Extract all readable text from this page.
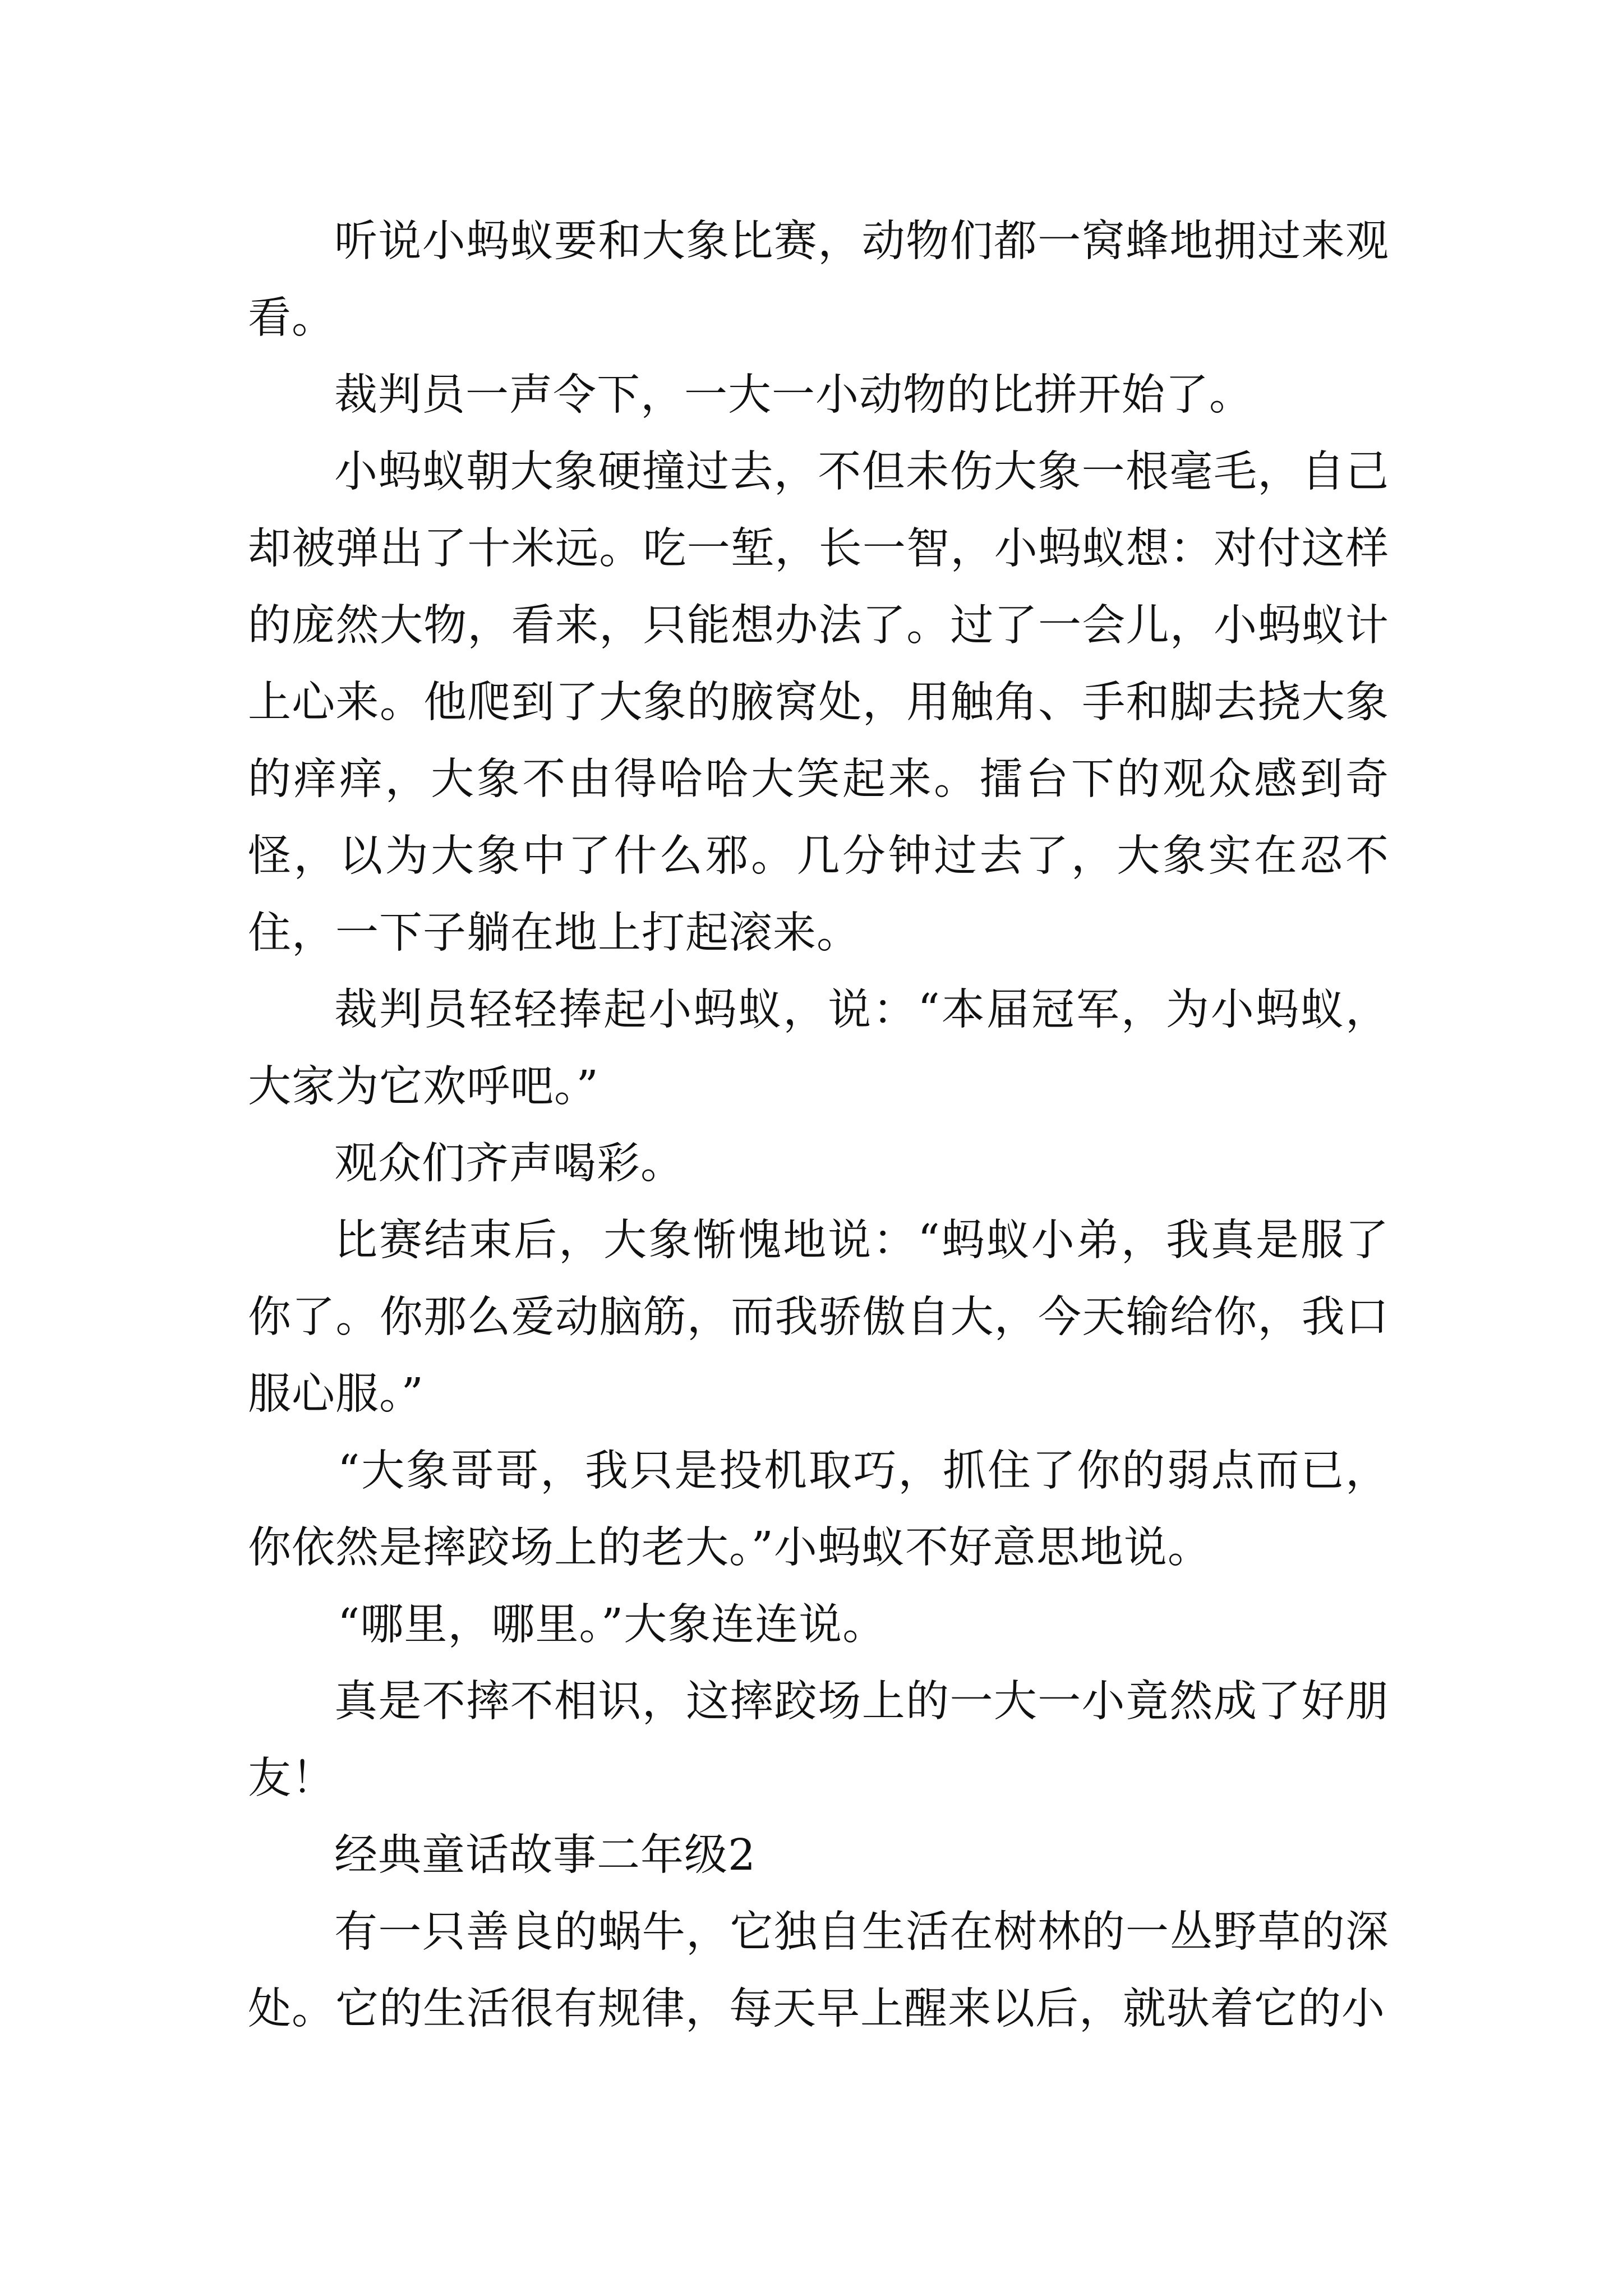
听说小蚂蚁要和大象比赛，动物们都一窝蜂地拥过来观看。

裁判员一声令下，一大一小动物的比拼开始了。

小蚂蚁朝大象硬撞过去，不但未伤大象一根毫毛，自己却被弹出了十米远。吃一堑，长一智，小蚂蚁想：对付这样的庞然大物，看来，只能想办法了。过了一会儿，小蚂蚁计上心来。他爬到了大象的腋窝处，用触角、手和脚去挠大象的痒痒，大象不由得哈哈大笑起来。擂台下的观众感到奇怪，以为大象中了什么邪。几分钟过去了，大象实在忍不住，一下子躺在地上打起滚来。

裁判员轻轻捧起小蚂蚁，说：“本届冠军，为小蚂蚁，大家为它欢呼吧。”

观众们齐声喝彩。

比赛结束后，大象惭愧地说：“蚂蚁小弟，我真是服了你了。你那么爱动脑筋，而我骄傲自大，今天输给你，我口服心服。”

“大象哥哥，我只是投机取巧，抓住了你的弱点而已，你依然是摔跤场上的老大。”小蚂蚁不好意思地说。

“哪里，哪里。”大象连连说。

真是不摔不相识，这摔跤场上的一大一小竟然成了好朋友！

经典童话故事二年级2

有一只善良的蜗牛，它独自生活在树林的一丛野草的深处。它的生活很有规律，每天早上醒来以后，就驮着它的小
